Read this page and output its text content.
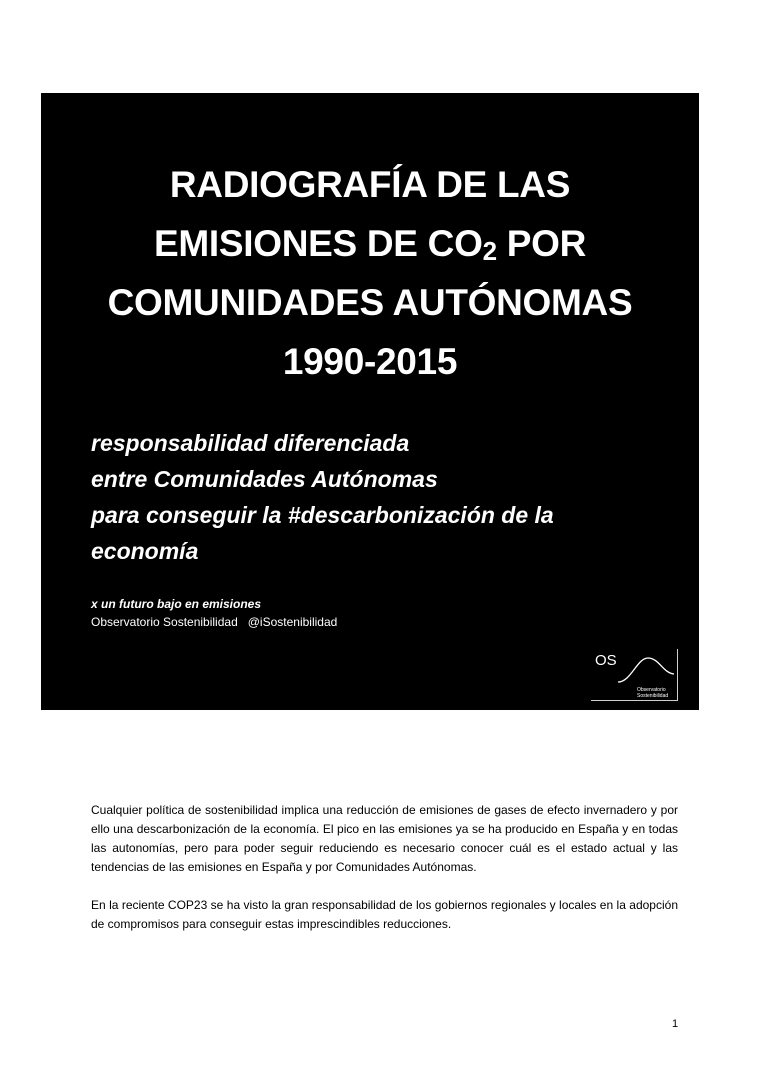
RADIOGRAFÍA DE LAS
EMISIONES DE $CO_2$ POR
COMUNIDADES AUTÓNOMAS
1990-2015
responsabilidad diferenciada
entre Comunidades Autónomas
para conseguir la #descarbonización de la
economía
x un futuro bajo en emisiones
Observatorio Sostenibilidad @iSostenibilidad
OS
Observatorio
Sostenibilidad

Cualquier política de sostenibilidad implica una reducción de emisiones de gases de efecto invernadero y por ello una descarbonización de la economía. El pico en las emisiones ya se ha producido en España y en todas las autonomías, pero para poder seguir reduciendo es necesario conocer cuál es el estado actual y las tendencias de las emisiones en España y por Comunidades Autónomas.

En la reciente COP23 se ha visto la gran responsabilidad de los gobiernos regionales y locales en la adopción de compromisos para conseguir estas imprescindibles reducciones.

1
